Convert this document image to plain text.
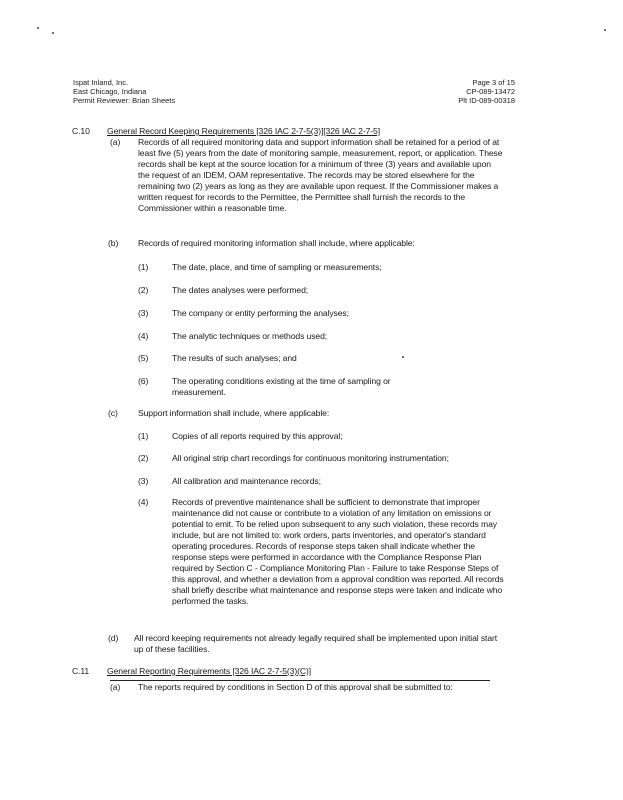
Ispat Inland, Inc.
East Chicago, Indiana
Permit Reviewer: Brian Sheets
Page 3 of 15
CP-089-13472
Plt ID-089-00318
C.10 General Record Keeping Requirements [326 IAC 2-7-5(3)][326 IAC 2-7-5]
(a) Records of all required monitoring data and support information shall be retained for a period of at least five (5) years from the date of monitoring sample, measurement, report, or application. These records shall be kept at the source location for a minimum of three (3) years and available upon the request of an IDEM, OAM representative. The records may be stored elsewhere for the remaining two (2) years as long as they are available upon request. If the Commissioner makes a written request for records to the Permittee, the Permittee shall furnish the records to the Commissioner within a reasonable time.
(b) Records of required monitoring information shall include, where applicable:
(1)	The date, place, and time of sampling or measurements;
(2)	The dates analyses were performed;
(3)	The company or entity performing the analyses;
(4)	The analytic techniques or methods used;
(5)	The results of such analyses; and
(6)	The operating conditions existing at the time of sampling or measurement.
(c) Support information shall include, where applicable:
(1)	Copies of all reports required by this approval;
(2)	All original strip chart recordings for continuous monitoring instrumentation;
(3)	All calibration and maintenance records;
(4)	Records of preventive maintenance shall be sufficient to demonstrate that improper maintenance did not cause or contribute to a violation of any limitation on emissions or potential to emit. To be relied upon subsequent to any such violation, these records may include, but are not limited to: work orders, parts inventories, and operator's standard operating procedures. Records of response steps taken shall indicate whether the response steps were performed in accordance with the Compliance Response Plan required by Section C - Compliance Monitoring Plan - Failure to take Response Steps of this approval, and whether a deviation from a approval condition was reported. All records shall briefly describe what maintenance and response steps were taken and indicate who performed the tasks.
(d) All record keeping requirements not already legally required shall be implemented upon initial start up of these facilities.
C.11 General Reporting Requirements [326 IAC 2-7-5(3)(C)]
(a) The reports required by conditions in Section D of this approval shall be submitted to:
